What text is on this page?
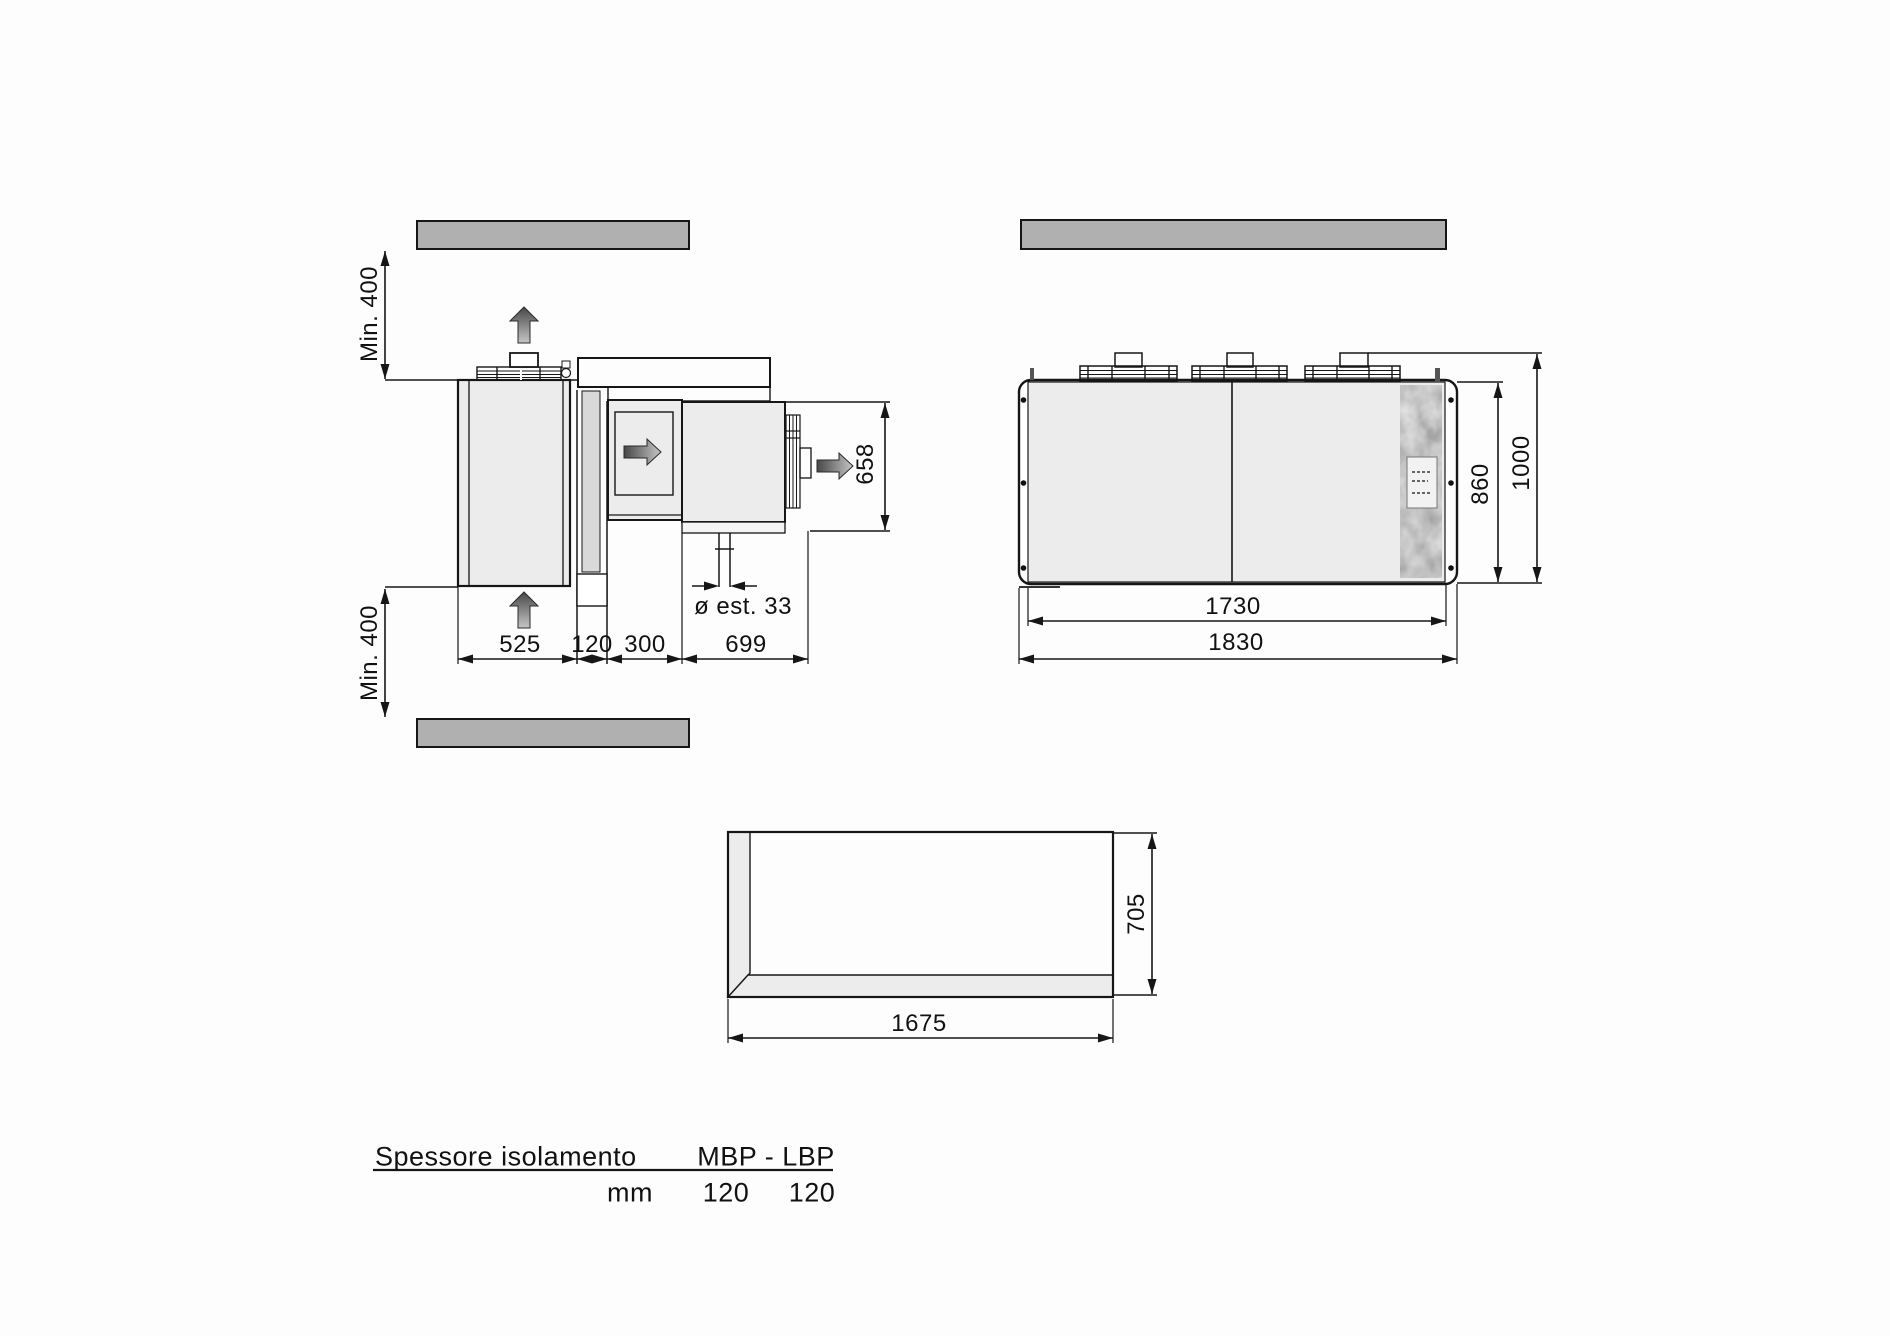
Min. 400
Min. 400	525 120 300 699
ø est. 33
658
1730
1830
860 1000
705
1675
Spessore isolamento MBP - LBP
mm 120 120
